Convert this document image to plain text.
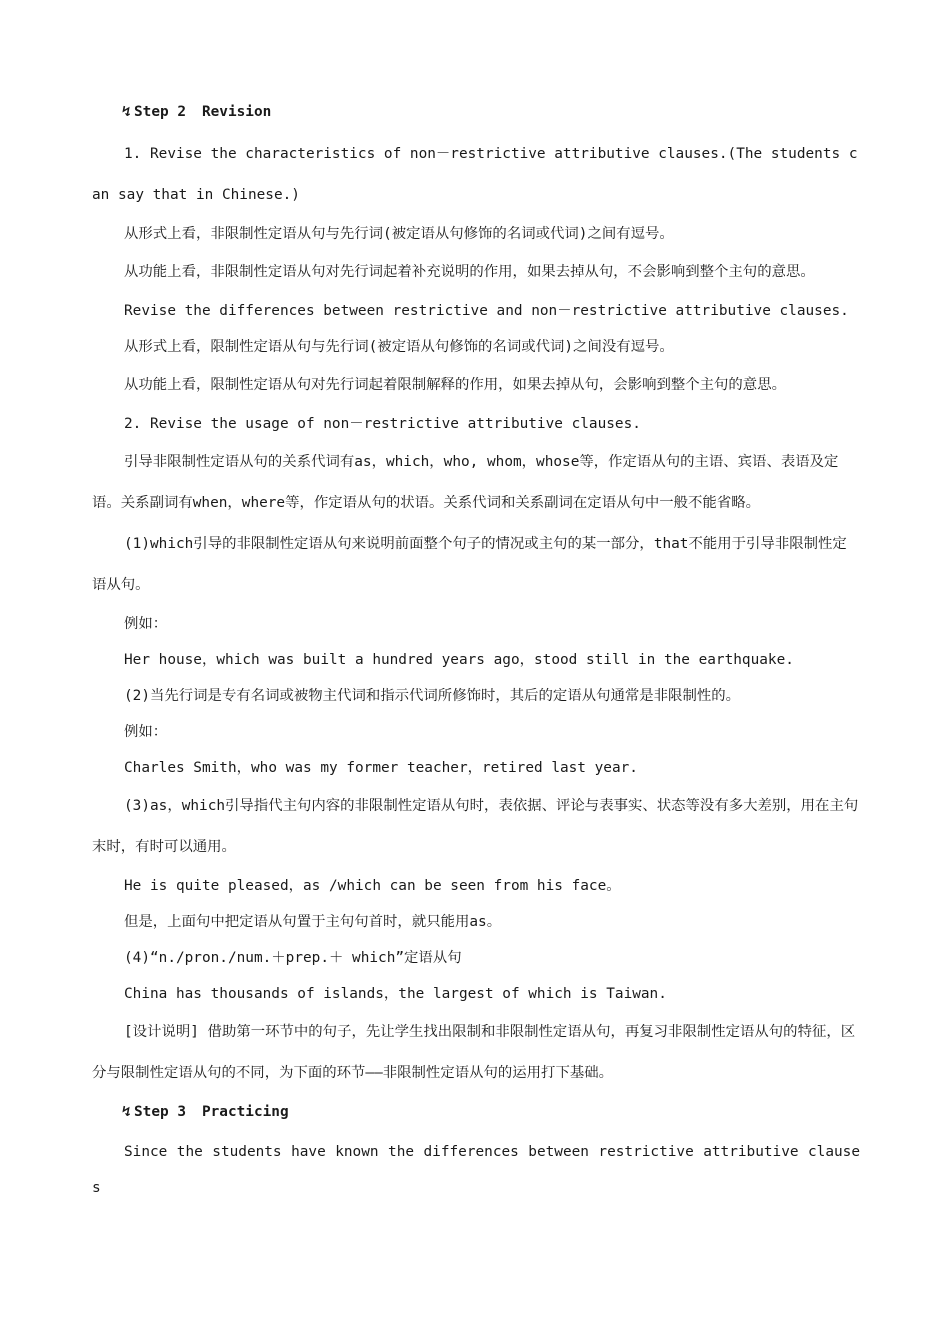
↯ Step 2 Revision

1. Revise the characteristics of non－restrictive attributive clauses.(The students can say that in Chinese.)

从形式上看，非限制性定语从句与先行词(被定语从句修饰的名词或代词)之间有逗号。

从功能上看，非限制性定语从句对先行词起着补充说明的作用，如果去掉从句，不会影响到整个主句的意思。

Revise the differences between restrictive and non－restrictive attributive clauses.

从形式上看，限制性定语从句与先行词(被定语从句修饰的名词或代词)之间没有逗号。

从功能上看，限制性定语从句对先行词起着限制解释的作用，如果去掉从句，会影响到整个主句的意思。

2. Revise the usage of non－restrictive attributive clauses.

引导非限制性定语从句的关系代词有as，which，who, whom，whose等，作定语从句的主语、宾语、表语及定语。关系副词有when，where等，作定语从句的状语。关系代词和关系副词在定语从句中一般不能省略。

(1)which引导的非限制性定语从句来说明前面整个句子的情况或主句的某一部分，that不能用于引导非限制性定语从句。

例如：

Her house，which was built a hundred years ago，stood still in the earthquake.

(2)当先行词是专有名词或被物主代词和指示代词所修饰时，其后的定语从句通常是非限制性的。

例如：

Charles Smith，who was my former teacher，retired last year.

(3)as，which引导指代主句内容的非限制性定语从句时，表依据、评论与表事实、状态等没有多大差别，用在主句末时，有时可以通用。

He is quite pleased，as /which can be seen from his face。

但是，上面句中把定语从句置于主句句首时，就只能用as。

(4)“n./pron./num.＋prep.＋ which”定语从句

China has thousands of islands，the largest of which is Taiwan.

[设计说明] 借助第一环节中的句子，先让学生找出限制和非限制性定语从句，再复习非限制性定语从句的特征，区分与限制性定语从句的不同，为下面的环节——非限制性定语从句的运用打下基础。

↯ Step 3 Practicing

Since the students have known the differences between restrictive attributive clauses
